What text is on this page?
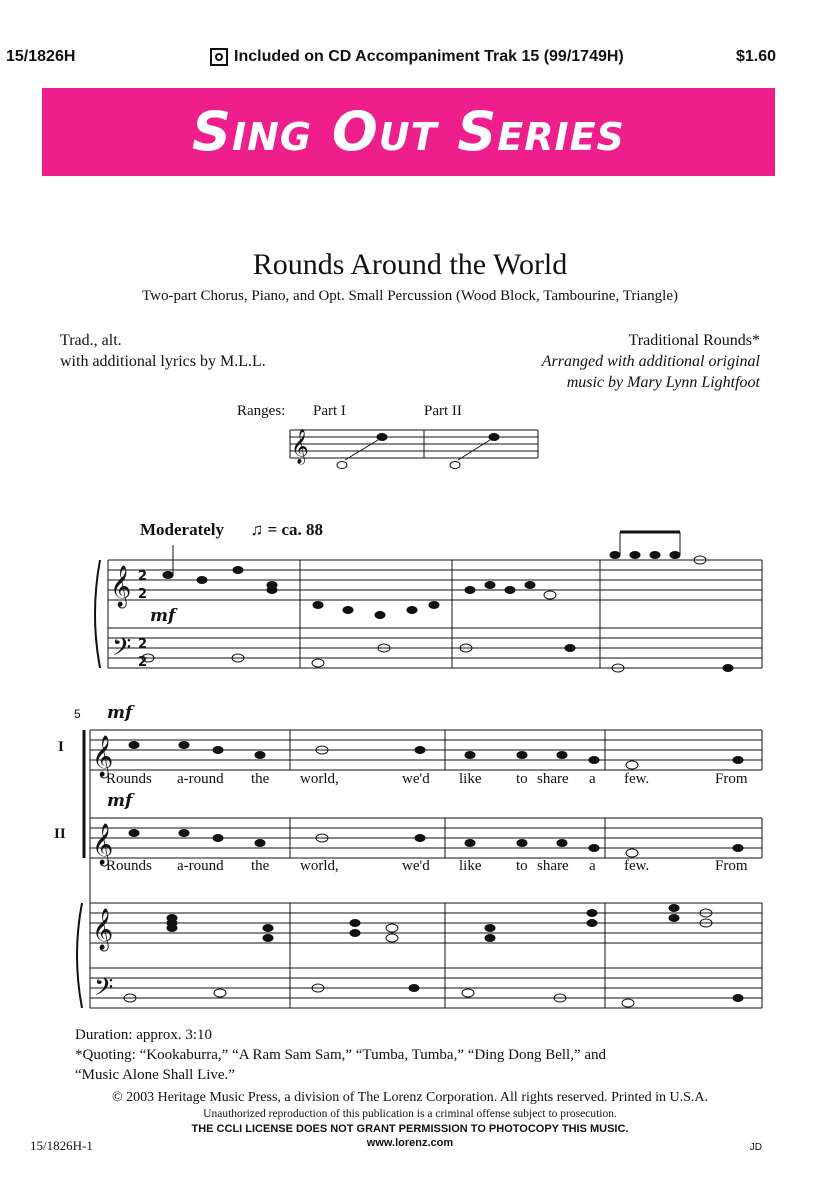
15/1826H	Included on CD Accompaniment Trak 15 (99/1749H)	$1.60
Sing Out Series
Rounds Around the World
Two-part Chorus, Piano, and Opt. Small Percussion (Wood Block, Tambourine, Triangle)
Trad., alt.
with additional lyrics by M.L.L.
Traditional Rounds*
Arranged with additional original
music by Mary Lynn Lightfoot
Ranges: Part I	Part II
Moderately ♫ = ca. 88
𝄞
𝄞
𝄢
𝄞
𝄞
𝄞
𝄢
2
2
2
2
mf
5 mf
mf
I
II
Rounds a-round the world,	we'd like to share a few.	From
Rounds a-round the world,	we'd like to share a few.	From
Duration: approx. 3:10
*Quoting: “Kookaburra,” “A Ram Sam Sam,” “Tumba, Tumba,” “Ding Dong Bell,” and
“Music Alone Shall Live.”
© 2003 Heritage Music Press, a division of The Lorenz Corporation. All rights reserved. Printed in U.S.A.
Unauthorized reproduction of this publication is a criminal offense subject to prosecution.
THE CCLI LICENSE DOES NOT GRANT PERMISSION TO PHOTOCOPY THIS MUSIC.
www.lorenz.com
15/1826H-1	JD
